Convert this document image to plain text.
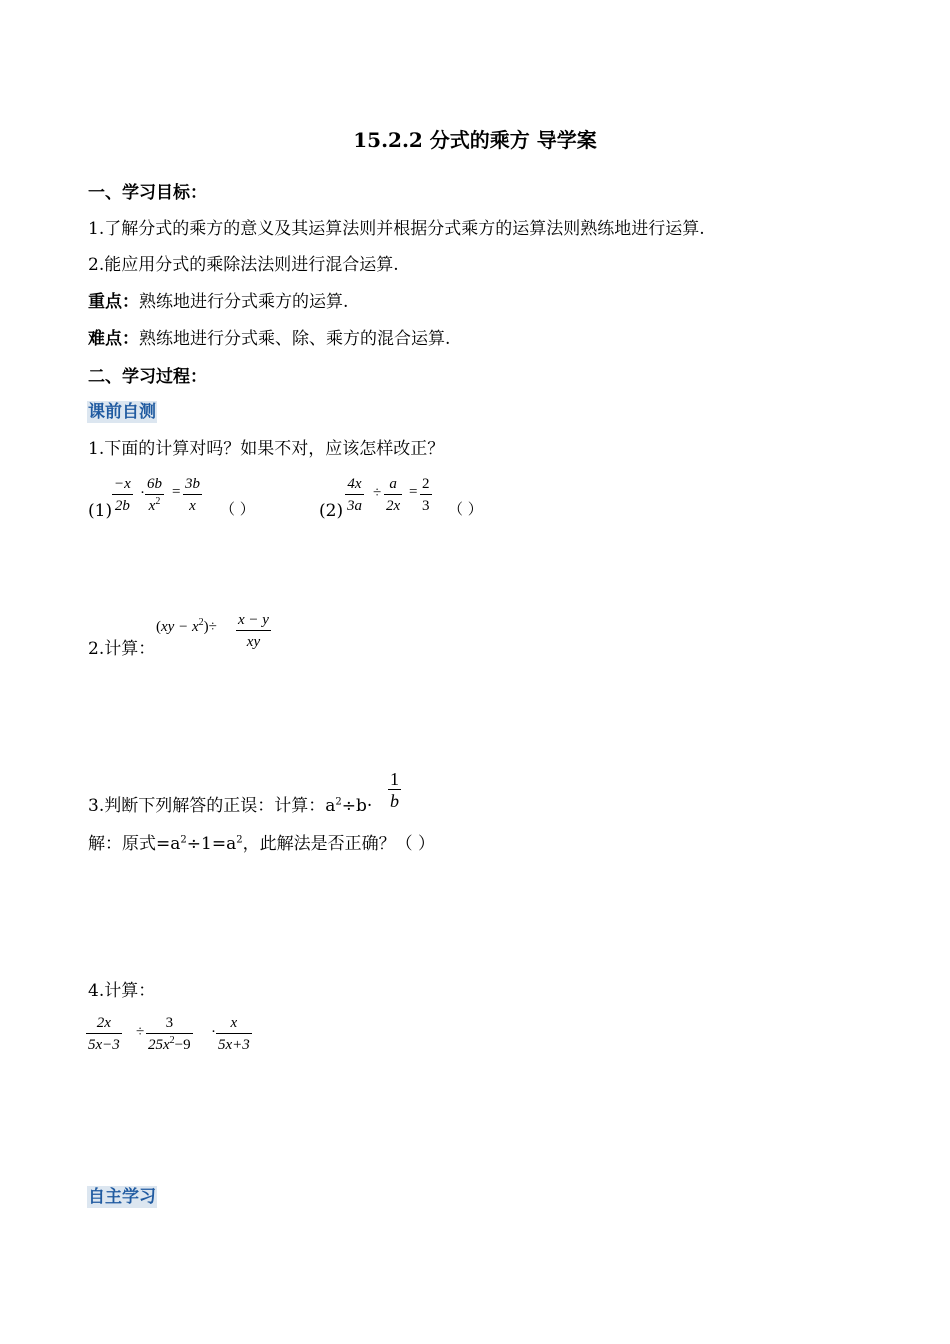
15.2.2 分式的乘方 导学案
一、学习目标：
1.了解分式的乘方的意义及其运算法则并根据分式乘方的运算法则熟练地进行运算.
2.能应用分式的乘除法法则进行混合运算.
重点：熟练地进行分式乘方的运算.
难点：熟练地进行分式乘、除、乘方的混合运算.
二、学习过程：
课前自测
1.下面的计算对吗？如果不对，应该怎样改正？
$(1) \frac{-x}{2b} \cdot \frac{6b}{x^2} = \frac{3b}{x}$ （ ）	$(2) \frac{4x}{3a} \div \frac{a}{2x} = \frac{2}{3}$ （ ）
2.计算：
$(xy - x^2)\div \frac{x - y}{xy}$
3.判断下列解答的正误：计算：$a^2\div b\cdot \frac{1}{b}$
解：原式$=a^2\div 1=a^2$，此解法是否正确？（ ）
4.计算：
$\frac{2x}{5x-3} \div \frac{3}{25x^2-9} \cdot \frac{x}{5x+3}$
自主学习
